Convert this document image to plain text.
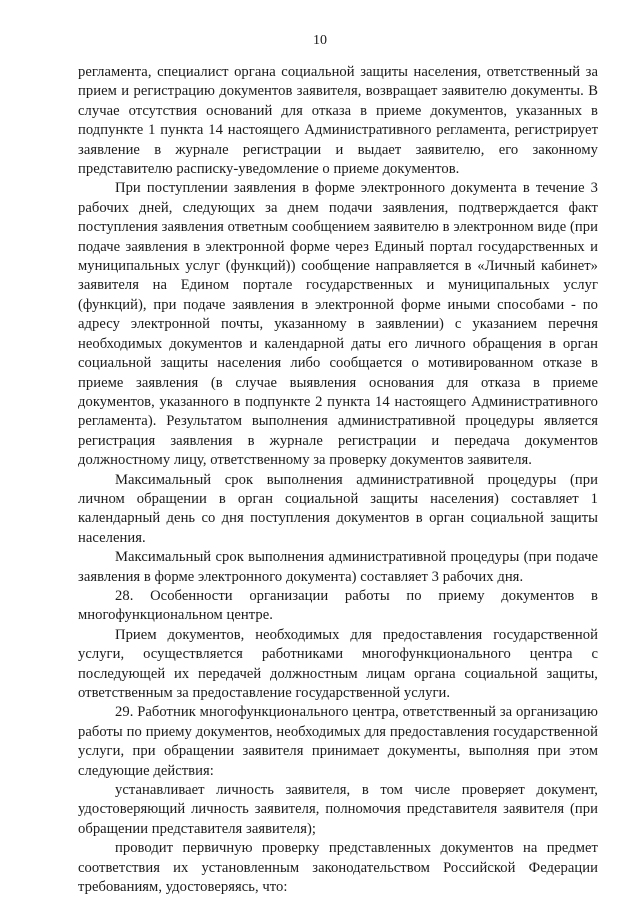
10

регламента, специалист органа социальной защиты населения, ответственный за прием и регистрацию документов заявителя, возвращает заявителю документы. В случае отсутствия оснований для отказа в приеме документов, указанных в подпункте 1 пункта 14 настоящего Административного регламента, регистрирует заявление в журнале регистрации и выдает заявителю, его законному представителю расписку-уведомление о приеме документов.

При поступлении заявления в форме электронного документа в течение 3 рабочих дней, следующих за днем подачи заявления, подтверждается факт поступления заявления ответным сообщением заявителю в электронном виде (при подаче заявления в электронной форме через Единый портал государственных и муниципальных услуг (функций)) сообщение направляется в «Личный кабинет» заявителя на Едином портале государственных и муниципальных услуг (функций), при подаче заявления в электронной форме иными способами - по адресу электронной почты, указанному в заявлении) с указанием перечня необходимых документов и календарной даты его личного обращения в орган социальной защиты населения либо сообщается о мотивированном отказе в приеме заявления (в случае выявления основания для отказа в приеме документов, указанного в подпункте 2 пункта 14 настоящего Административного регламента). Результатом выполнения административной процедуры является регистрация заявления в журнале регистрации и передача документов должностному лицу, ответственному за проверку документов заявителя.

Максимальный срок выполнения административной процедуры (при личном обращении в орган социальной защиты населения) составляет 1 календарный день со дня поступления документов в орган социальной защиты населения.

Максимальный срок выполнения административной процедуры (при подаче заявления в форме электронного документа) составляет 3 рабочих дня.

28. Особенности организации работы по приему документов в многофункциональном центре.

Прием документов, необходимых для предоставления государственной услуги, осуществляется работниками многофункционального центра с последующей их передачей должностным лицам органа социальной защиты, ответственным за предоставление государственной услуги.

29. Работник многофункционального центра, ответственный за организацию работы по приему документов, необходимых для предоставления государственной услуги, при обращении заявителя принимает документы, выполняя при этом следующие действия:

устанавливает личность заявителя, в том числе проверяет документ, удостоверяющий личность заявителя, полномочия представителя заявителя (при обращении представителя заявителя);

проводит первичную проверку представленных документов на предмет соответствия их установленным законодательством Российской Федерации требованиям, удостоверяясь, что:
